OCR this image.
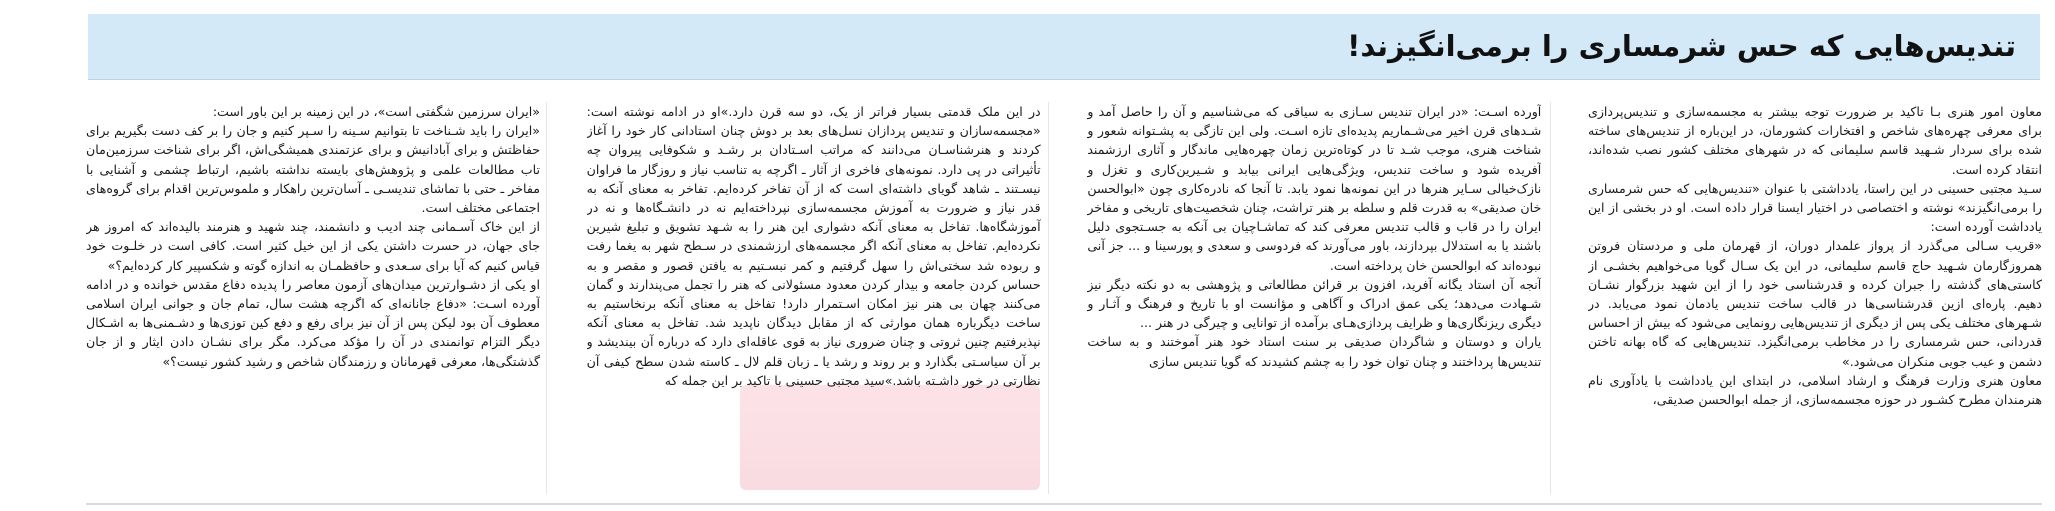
تندیس‌هایی که حس شرمساری را برمی‌انگیزند!

معاون امور هنری بـا تاکید بر ضرورت توجه بیشتر به مجسمه‌سازی و تندیس‌پردازی برای معرفی چهره‌های شاخص و افتخارات کشورمان، در این‌باره از تندیس‌های ساخته شده برای سردار شـهید قاسم سلیمانی که در شهرهای مختلف کشور نصب شده‌اند، انتقاد کرده است.

سـید مجتبی حسینی در این راستا، یادداشتی با عنوان «تندیس‌هایی که حس شرمساری را برمی‌انگیزند» نوشته و اختصاصی در اختیار ایسنا قرار داده است. او در بخشی از این یادداشت آورده است:

«قریب سـالی می‌گذرد از پرواز علمدار دوران، از قهرمان ملی و مردستان فروتن همروزگارمان شـهید حاج قاسم سلیمانی، در این یک سـال گویا می‌خواهیم بخشـی از کاستی‌های گذشته را جبران کرده و قدرشناسی خود را از این شهید بزرگوار نشـان دهیم. پاره‌ای ازین قدرشناسی‌ها در قالب ساخت تندیس یادمان نمود می‌یابد. در شـهرهای مختلف یکی پس از دیگری از تندیس‌هایی رونمایی می‌شود که بیش از احساس قدردانی، حس شرمساری را در مخاطب برمی‌انگیزد. تندیس‌هایی که گاه بهانه تاختن دشمن و عیب جویی منکران می‌شود.»

معاون هنری وزارت فرهنگ و ارشاد اسلامی، در ابتدای این یادداشت با یادآوری نام هنرمندان مطرح کشـور در حوزه مجسمه‌سازی، از جمله ابوالحسن صدیقی،

آورده اسـت: «در ایران تندیس سـازی به سیاقی که می‌شناسیم و آن را حاصل آمد و شـدهای قرن اخیر می‌شـماریم پدیده‌ای تازه اسـت. ولی این تازگی به پشـتوانه شعور و شناخت هنری، موجب شـد تا در کوتاه‌ترین زمان چهره‌هایی ماندگار و آثاری ارزشمند آفریده شود و ساخت تندیس، ویژگی‌هایی ایرانی بیابد و شـیرین‌کاری و تغزل و نازک‌خیالی سـایر هنرها در این نمونه‌ها نمود یابد. تا آنجا که نادره‌کاری چون «ابوالحسن خان صدیقی» به قدرت قلم و سلطه بر هنر تراشت، چنان شخصیت‌های تاریخی و مفاخر ایران را در قاب و قالب تندیس معرفی کند که تماشـاچیان بی آنکه به جسـتجوی دلیل باشند یا به استدلال بپردازند، باور می‌آورند که فردوسی و سعدی و پورسینا و ... جز آنی نبوده‌اند که ابوالحسن خان پرداخته است.

آنجه آن استاد یگانه آفرید، افزون بر قرائن مطالعاتی و پژوهشی به دو نکته دیگر نیز شـهادت می‌دهد؛ یکی عمق ادراک و آگاهی و مؤانست او با تاریخ و فرهنگ و آثـار و دیگری ریزنگاری‌ها و ظرایف پردازی‌هـای برآمده از توانایی و چیرگی در هنر ...

یاران و دوستان و شاگردان صدیقی بر سنت استاد خود هنر آموختند و به ساخت تندیس‌ها پرداختند و چنان توان خود را به چشم کشیدند که گویا تندیس سازی

در این ملک قدمتی بسیار فراتر از یک، دو سه قرن دارد.»او در ادامه نوشته است: «مجسمه‌سازان و تندیس پردازان نسل‌های بعد بر دوش چنان استادانی کار خود را آغاز کردند و هنرشناسـان می‌دانند که مراتب اسـتادان بر رشـد و شکوفایی پیروان چه تأثیراتی در پی دارد. نمونه‌های فاخری از آثار ـ اگرچه به تناسب نیاز و روزگار ما فراوان نیسـتند ـ شاهد گویای داشته‌ای است که از آن تفاخر کرده‌ایم. تفاخر به معنای آنکه به قدر نیاز و ضرورت به آموزش مجسمه‌سازی نپرداخته‌ایم نه در دانشـگاه‌ها و نه در آموزشگاه‌ها. تفاخل به معنای آنکه دشواری این هنر را به شـهد تشویق و تبلیغ شیرین نکرده‌ایم. تفاخل به معنای آنکه اگر مجسمه‌های ارزشمندی در سـطح شهر به یغما رفت و ربوده شد سختی‌اش را سهل گرفتیم و کمر نبسـتیم به یافتن قصور و مقصر و به حساس کردن جامعه و بیدار کردن معدود مسئولانی که هنر را تجمل می‌پندارند و گمان می‌کنند چهان بی هنر نیز امکان اسـتمرار دارد! تفاخل به معنای آنکه برنخاستیم به ساخت دیگرباره همان موارثی که از مقابل دیدگان ناپدید شد. تفاخل به معنای آنکه نپذیرفتیم چنین ثروتی و چنان ضروری نیاز به قوی عاقله‌ای دارد که درباره آن بیندیشد و بر آن سیاسـتی بگذارد و بر روند و رشد یا ـ زبان قلم لال ـ کاسته شدن سطح کیفی آن نظارتی در خور داشـته باشد.»سید مجتبی حسینی با تاکید بر این جمله که

«ایران سرزمین شگفتی است»، در این زمینه بر این باور است:

«ایران را باید شـناخت تا بتوانیم سـینه را سـپر کنیم و جان را بر کف دست بگیریم برای حفاظتش و برای آبادانیش و برای عزتمندی همیشگی‌اش، اگر برای شناخت سرزمین‌مان تاب مطالعات علمی و پژوهش‌های بایسته نداشته باشیم، ارتباط چشمی و آشنایی با مفاخر ـ حتی با تماشای تندیسـی ـ آسان‌ترین راهکار و ملموس‌ترین اقدام برای گروه‌های اجتماعی مختلف است.

از این خاک آسـمانی چند ادیب و دانشمند، چند شهید و هنرمند بالیده‌اند که امروز هر جای جهان، در حسرت داشتن یکی از این خیل کثیر است. کافی است در خلـوت خود قیاس کنیم که آیا برای سـعدی و حافظمـان به اندازه گوته و شکسپیر کار کرده‌ایم؟»

او یکی از دشـوارترین میدان‌های آزمون معاصر را پدیده دفاع مقدس خوانده و در ادامه آورده اسـت: «دفاع جانانه‌ای که اگرچه هشت سال، تمام جان و جوانی ایران اسلامی معطوف آن بود لیکن پس از آن نیز برای رفع و دفع کین توزی‌ها و دشـمنی‌ها به اشـکال دیگر التزام توانمندی در آن را مؤکد می‌کرد. مگر برای نشـان دادن ایثار و از جان گذشتگی‌ها، معرفی قهرمانان و رزمندگان شاخص و رشید کشور نیست؟»
